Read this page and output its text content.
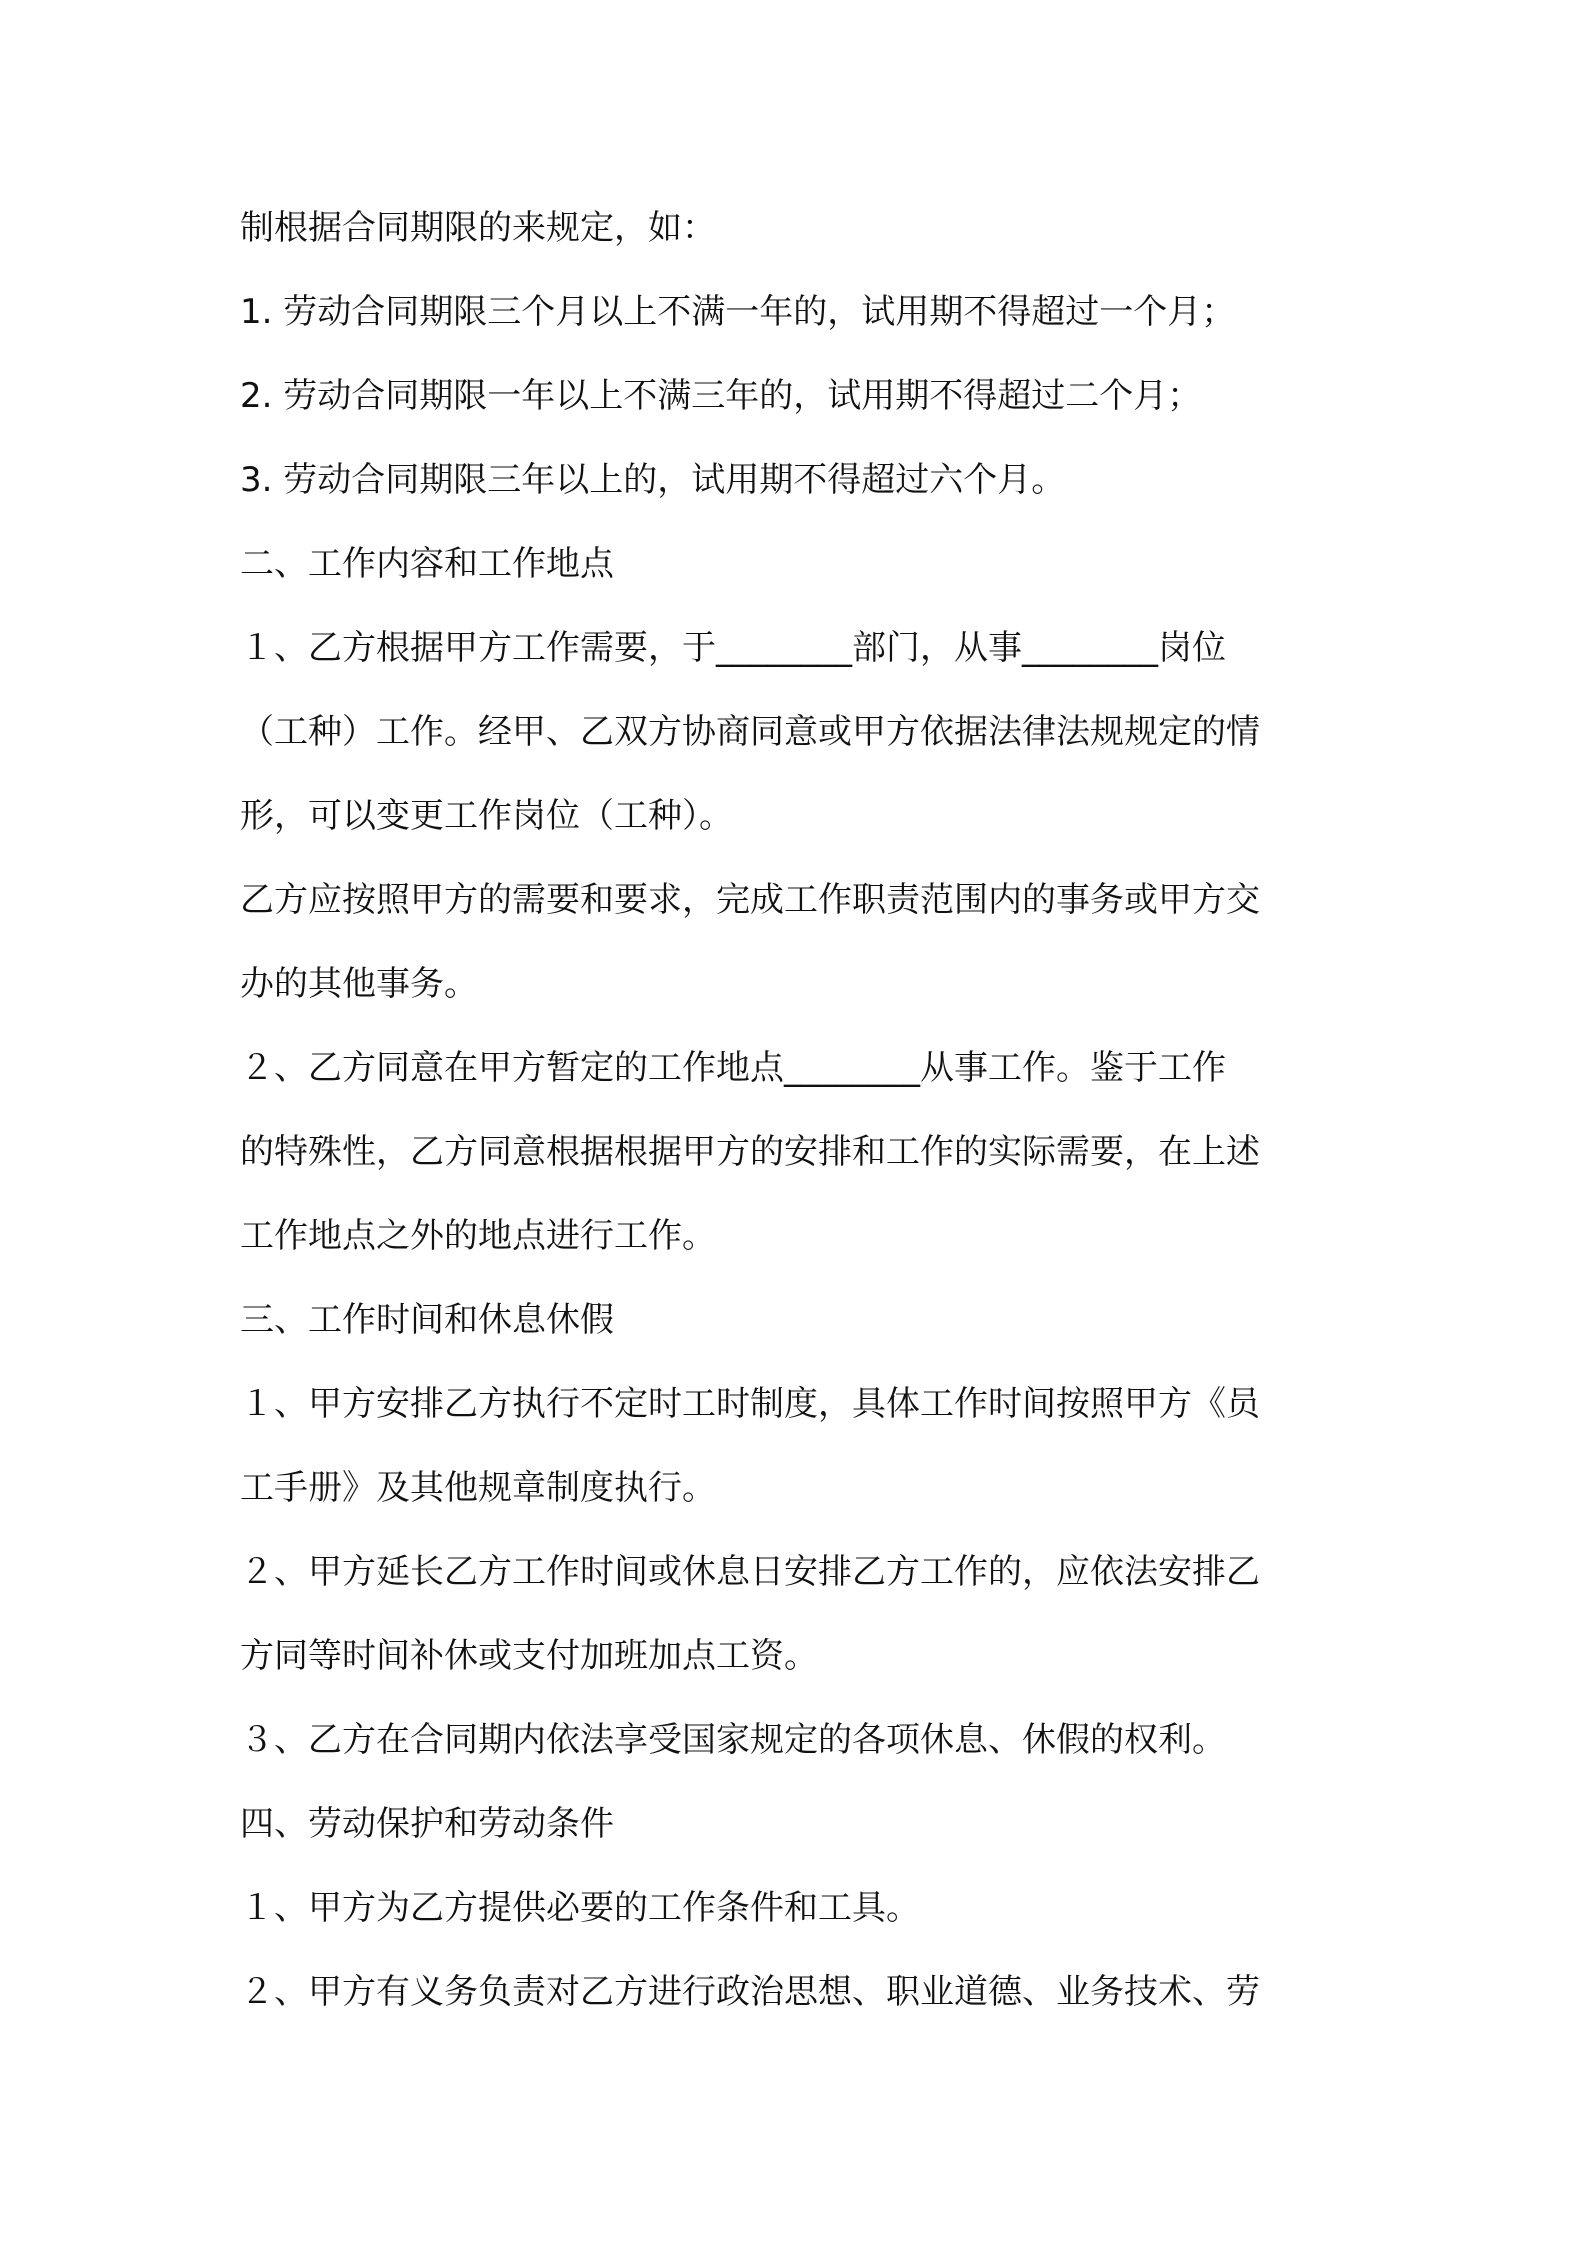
制根据合同期限的来规定，如：

1. 劳动合同期限三个月以上不满一年的，试用期不得超过一个月；

2. 劳动合同期限一年以上不满三年的，试用期不得超过二个月；

3. 劳动合同期限三年以上的，试用期不得超过六个月。

二、工作内容和工作地点

１、乙方根据甲方工作需要，于________部门，从事________岗位

（工种）工作。经甲、乙双方协商同意或甲方依据法律法规规定的情

形，可以变更工作岗位（工种）。

乙方应按照甲方的需要和要求，完成工作职责范围内的事务或甲方交

办的其他事务。

２、乙方同意在甲方暂定的工作地点________从事工作。鉴于工作

的特殊性，乙方同意根据根据甲方的安排和工作的实际需要，在上述

工作地点之外的地点进行工作。

三、工作时间和休息休假

１、甲方安排乙方执行不定时工时制度，具体工作时间按照甲方《员

工手册》及其他规章制度执行。

２、甲方延长乙方工作时间或休息日安排乙方工作的，应依法安排乙

方同等时间补休或支付加班加点工资。

３、乙方在合同期内依法享受国家规定的各项休息、休假的权利。

四、劳动保护和劳动条件

１、甲方为乙方提供必要的工作条件和工具。

２、甲方有义务负责对乙方进行政治思想、职业道德、业务技术、劳
